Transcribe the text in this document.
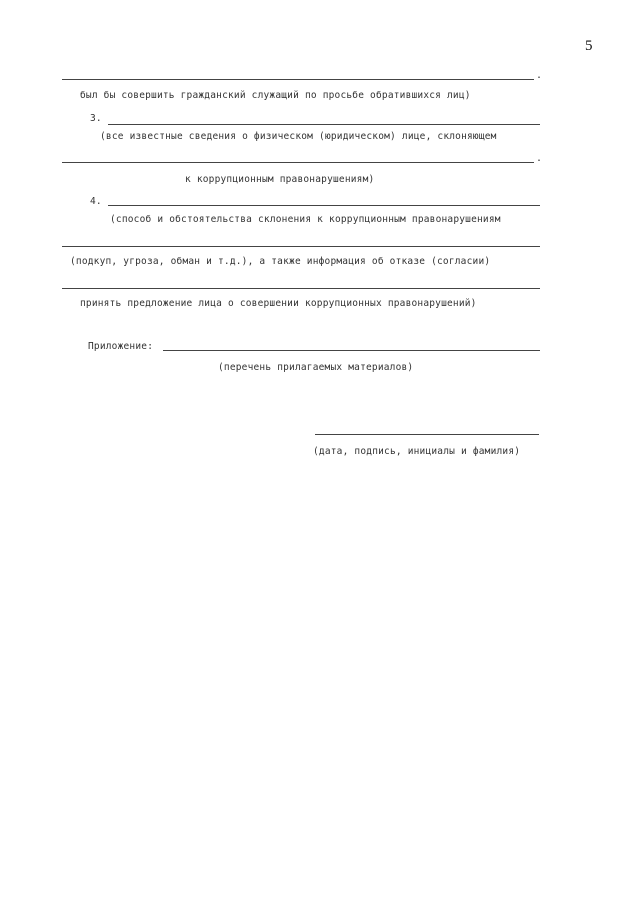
5
.
был бы совершить гражданский служащий по просьбе обратившихся лиц)
3.
(все известные сведения о физическом (юридическом) лице, склоняющем
.
к коррупционным правонарушениям)
4.
(способ и обстоятельства склонения к коррупционным правонарушениям
(подкуп, угроза, обман и т.д.), а также информация об отказе (согласии)
принять предложение лица о совершении коррупционных правонарушений)
Приложение:
(перечень прилагаемых материалов)
(дата, подпись, инициалы и фамилия)
